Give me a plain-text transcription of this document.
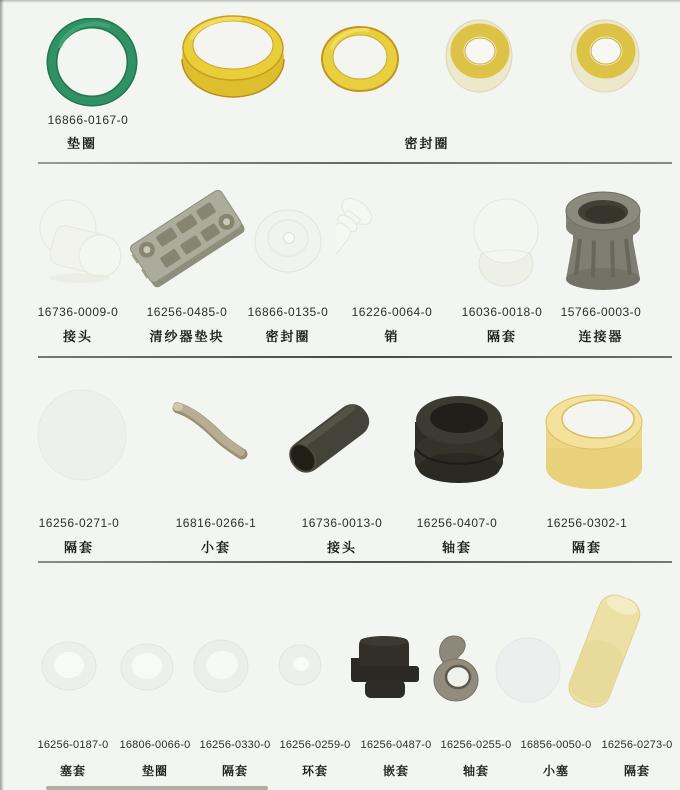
16866-0167-0
垫圈	密封圈
16736-0009-0	16256-0485-0	16866-0135-0	16226-0064-0	16036-0018-0	15766-0003-0
接头	清纱器垫块	密封圈	销	隔套	连接器
16256-0271-0	16816-0266-1	16736-0013-0	16256-0407-0	16256-0302-1
隔套	小套	接头	轴套	隔套
16256-0187-0	16806-0066-0 16256-0330-0 16256-0259-0 16256-0487-0 16256-0255-0 16856-0050-0 16256-0273-0
塞套	垫圈	隔套	环套	嵌套	轴套	小塞	隔套
